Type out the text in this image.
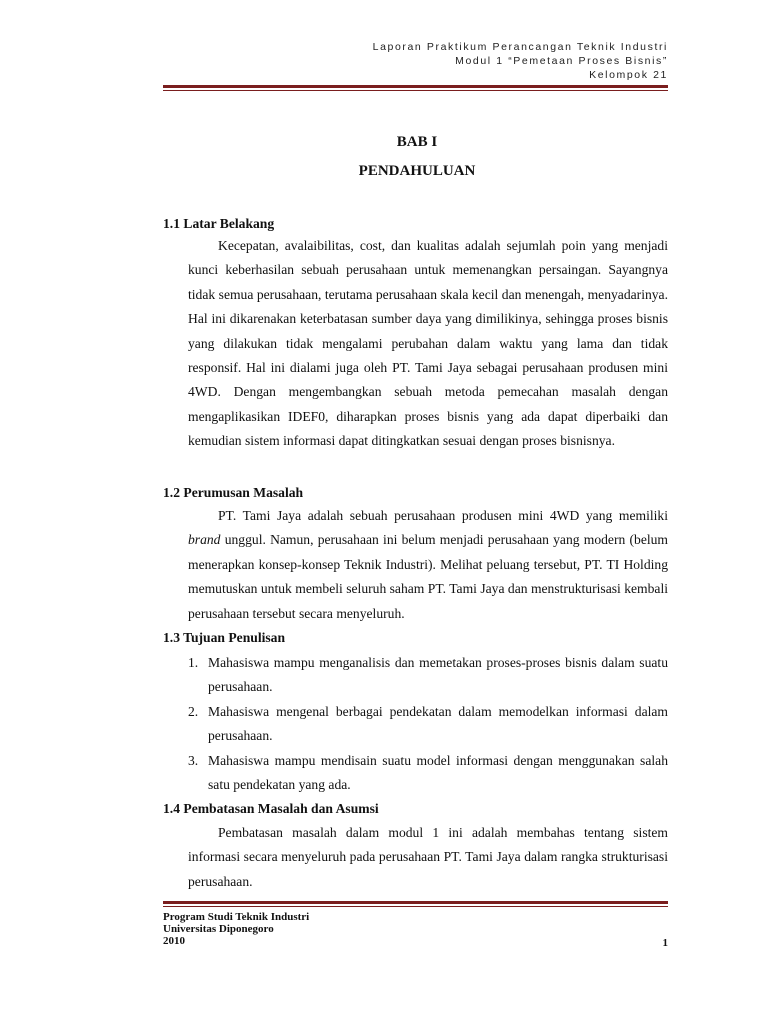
Laporan Praktikum Perancangan Teknik Industri
Modul 1 “Pemetaan Proses Bisnis”
Kelompok 21
BAB I
PENDAHULUAN
1.1 Latar Belakang
Kecepatan, avalaibilitas, cost, dan kualitas adalah sejumlah poin yang menjadi kunci keberhasilan sebuah perusahaan untuk memenangkan persaingan. Sayangnya tidak semua perusahaan, terutama perusahaan skala kecil dan menengah, menyadarinya. Hal ini dikarenakan keterbatasan sumber daya yang dimilikinya, sehingga proses bisnis yang dilakukan tidak mengalami perubahan dalam waktu yang lama dan tidak responsif. Hal ini dialami juga oleh PT. Tami Jaya sebagai perusahaan produsen mini 4WD. Dengan mengembangkan sebuah metoda pemecahan masalah dengan mengaplikasikan IDEF0, diharapkan proses bisnis yang ada dapat diperbaiki dan kemudian sistem informasi dapat ditingkatkan sesuai dengan proses bisnisnya.
1.2 Perumusan Masalah
PT. Tami Jaya adalah sebuah perusahaan produsen mini 4WD yang memiliki brand unggul. Namun, perusahaan ini belum menjadi perusahaan yang modern (belum menerapkan konsep-konsep Teknik Industri). Melihat peluang tersebut, PT. TI Holding memutuskan untuk membeli seluruh saham PT. Tami Jaya dan menstrukturisasi kembali perusahaan tersebut secara menyeluruh.
1.3 Tujuan Penulisan
1. Mahasiswa mampu menganalisis dan memetakan proses-proses bisnis dalam suatu perusahaan.
2. Mahasiswa mengenal berbagai pendekatan dalam memodelkan informasi dalam perusahaan.
3. Mahasiswa mampu mendisain suatu model informasi dengan menggunakan salah satu pendekatan yang ada.
1.4 Pembatasan Masalah dan Asumsi
Pembatasan masalah dalam modul 1 ini adalah membahas tentang sistem informasi secara menyeluruh pada perusahaan PT. Tami Jaya dalam rangka strukturisasi perusahaan.
Program Studi Teknik Industri
Universitas Diponegoro
2010	1
